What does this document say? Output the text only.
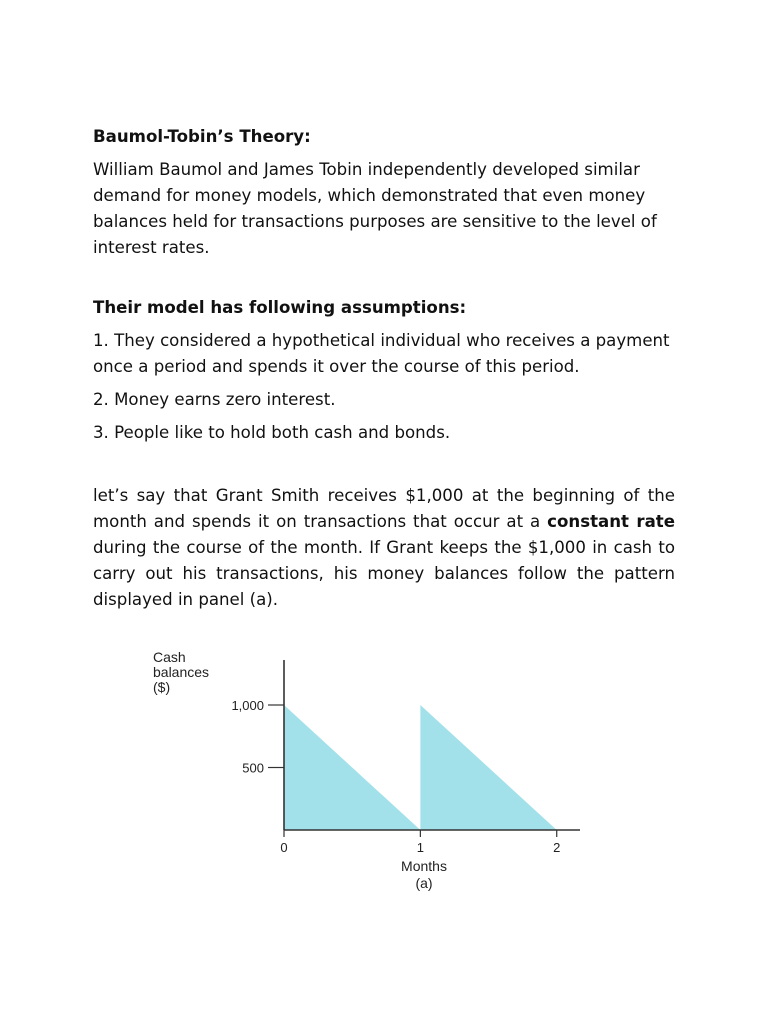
Baumol-Tobin’s Theory:

William Baumol and James Tobin independently developed similar demand for money models, which demonstrated that even money balances held for transactions purposes are sensitive to the level of interest rates.

Their model has following assumptions:

1. They considered a hypothetical individual who receives a payment once a period and spends it over the course of this period.

2. Money earns zero interest.

3. People like to hold both cash and bonds.

let’s say that Grant Smith receives $1,000 at the beginning of the month and spends it on transactions that occur at a constant rate during the course of the month. If Grant keeps the $1,000 in cash to carry out his transactions, his money balances follow the pattern displayed in panel (a).

500
1,000
0	1	2
Cash
balances
($)
Months
(a)
